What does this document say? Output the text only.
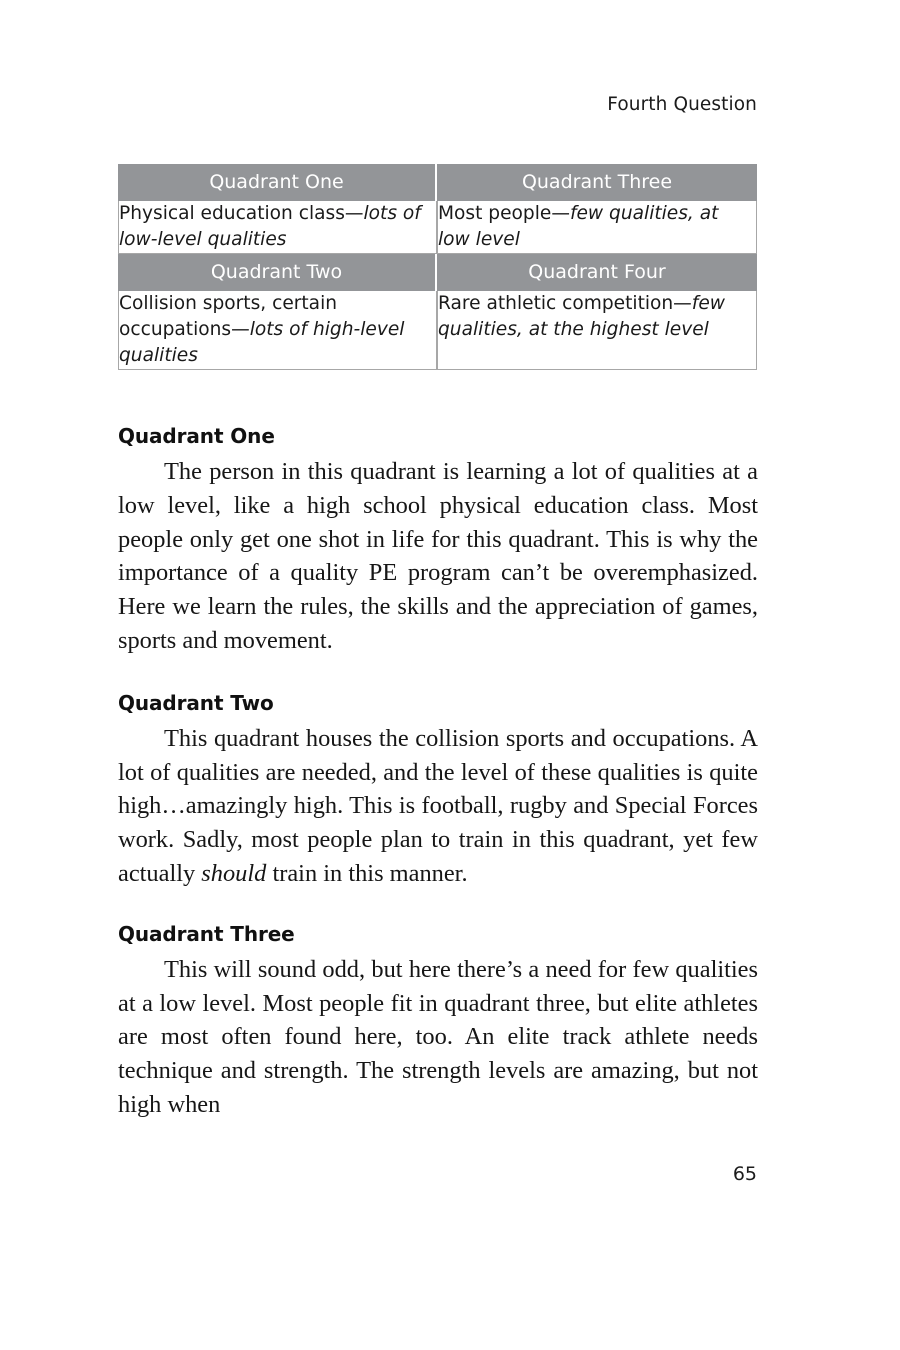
Fourth Question
Quadrant One	Quadrant Three
Physical education class—lots of low-level qualities	Most people—few qualities, at low level
Quadrant Two	Quadrant Four
Collision sports, certain occupations—lots of high-level qualities	Rare athletic competition—few qualities, at the highest level
Quadrant One

The person in this quadrant is learning a lot of qualities at a low level, like a high school physical education class. Most people only get one shot in life for this quadrant. This is why the importance of a quality PE program can’t be overemphasized. Here we learn the rules, the skills and the appreciation of games, sports and movement.

Quadrant Two

This quadrant houses the collision sports and occupations. A lot of qualities are needed, and the level of these qualities is quite high…amazingly high. This is football, rugby and Special Forces work. Sadly, most people plan to train in this quadrant, yet few actually should train in this manner.

Quadrant Three

This will sound odd, but here there’s a need for few qualities at a low level. Most people fit in quadrant three, but elite athletes are most often found here, too. An elite track athlete needs technique and strength. The strength levels are amazing, but not high when

65
